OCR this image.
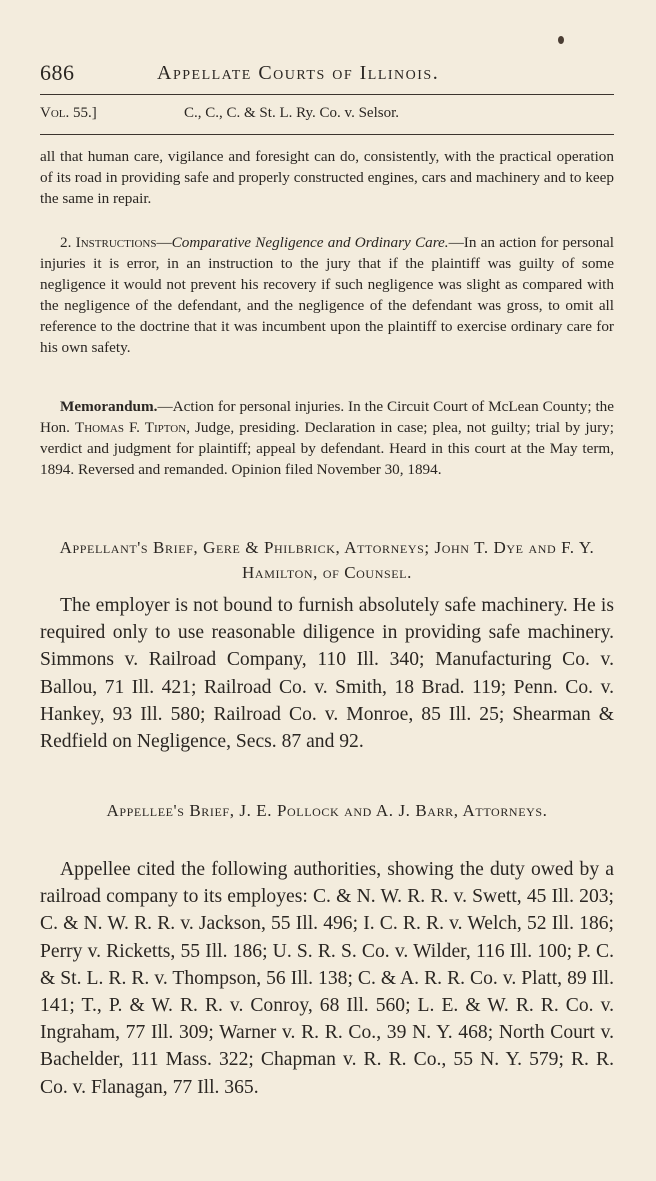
686	Appellate Courts of Illinois.
Vol. 55.]	C., C., C. & St. L. Ry. Co. v. Selsor.

all that human care, vigilance and foresight can do, consistently, with the practical operation of its road in providing safe and properly constructed engines, cars and machinery and to keep the same in repair.

2. Instructions—Comparative Negligence and Ordinary Care.—In an action for personal injuries it is error, in an instruction to the jury that if the plaintiff was guilty of some negligence it would not prevent his recovery if such negligence was slight as compared with the negligence of the defendant, and the negligence of the defendant was gross, to omit all reference to the doctrine that it was incumbent upon the plaintiff to exercise ordinary care for his own safety.

Memorandum.—Action for personal injuries. In the Circuit Court of McLean County; the Hon. Thomas F. Tipton, Judge, presiding. Declaration in case; plea, not guilty; trial by jury; verdict and judgment for plaintiff; appeal by defendant. Heard in this court at the May term, 1894. Reversed and remanded. Opinion filed November 30, 1894.

Appellant's Brief, Gere & Philbrick, Attorneys; John T. Dye and F. Y. Hamilton, of Counsel.

The employer is not bound to furnish absolutely safe machinery. He is required only to use reasonable diligence in providing safe machinery. Simmons v. Railroad Company, 110 Ill. 340; Manufacturing Co. v. Ballou, 71 Ill. 421; Railroad Co. v. Smith, 18 Brad. 119; Penn. Co. v. Hankey, 93 Ill. 580; Railroad Co. v. Monroe, 85 Ill. 25; Shearman & Redfield on Negligence, Secs. 87 and 92.

Appellee's Brief, J. E. Pollock and A. J. Barr, Attorneys.

Appellee cited the following authorities, showing the duty owed by a railroad company to its employes: C. & N. W. R. R. v. Swett, 45 Ill. 203; C. & N. W. R. R. v. Jackson, 55 Ill. 496; I. C. R. R. v. Welch, 52 Ill. 186; Perry v. Ricketts, 55 Ill. 186; U. S. R. S. Co. v. Wilder, 116 Ill. 100; P. C. & St. L. R. R. v. Thompson, 56 Ill. 138; C. & A. R. R. Co. v. Platt, 89 Ill. 141; T., P. & W. R. R. v. Conroy, 68 Ill. 560; L. E. & W. R. R. Co. v. Ingraham, 77 Ill. 309; Warner v. R. R. Co., 39 N. Y. 468; North Court v. Bachelder, 111 Mass. 322; Chapman v. R. R. Co., 55 N. Y. 579; R. R. Co. v. Flanagan, 77 Ill. 365.
